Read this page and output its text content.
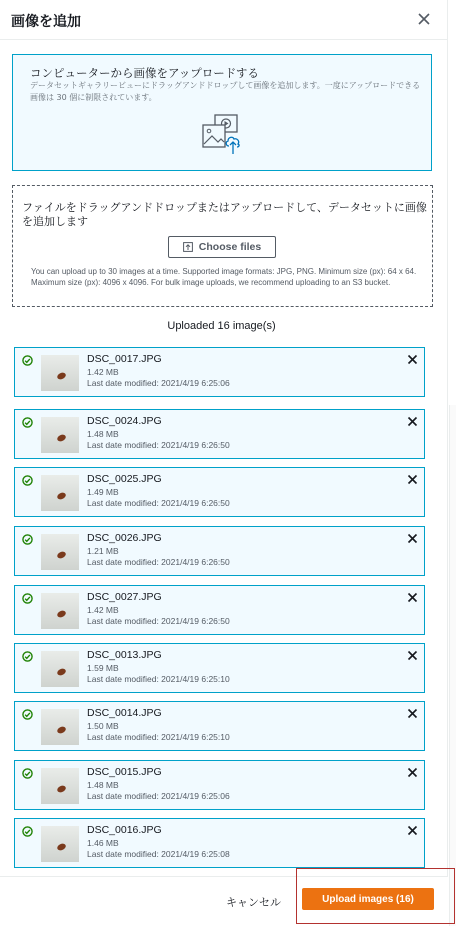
画像を追加
コンピューターから画像をアップロードする
データセットギャラリービューにドラッグアンドドロップして画像を追加します。一度にアップロードできる画像は 30 個に制限されています。
ファイルをドラッグアンドドロップまたはアップロードして、データセットに画像を追加します
Choose files
You can upload up to 30 images at a time. Supported image formats: JPG, PNG. Minimum size (px): 64 x 64. Maximum size (px): 4096 x 4096. For bulk image uploads, we recommend uploading to an S3 bucket.
Uploaded 16 image(s)
DSC_0017.JPG
1.42 MB
Last date modified: 2021/4/19 6:25:06
DSC_0024.JPG
1.48 MB
Last date modified: 2021/4/19 6:26:50
DSC_0025.JPG
1.49 MB
Last date modified: 2021/4/19 6:26:50
DSC_0026.JPG
1.21 MB
Last date modified: 2021/4/19 6:26:50
DSC_0027.JPG
1.42 MB
Last date modified: 2021/4/19 6:26:50
DSC_0013.JPG
1.59 MB
Last date modified: 2021/4/19 6:25:10
DSC_0014.JPG
1.50 MB
Last date modified: 2021/4/19 6:25:10
DSC_0015.JPG
1.48 MB
Last date modified: 2021/4/19 6:25:06
DSC_0016.JPG
1.46 MB
Last date modified: 2021/4/19 6:25:08
キャンセル	Upload images (16)
